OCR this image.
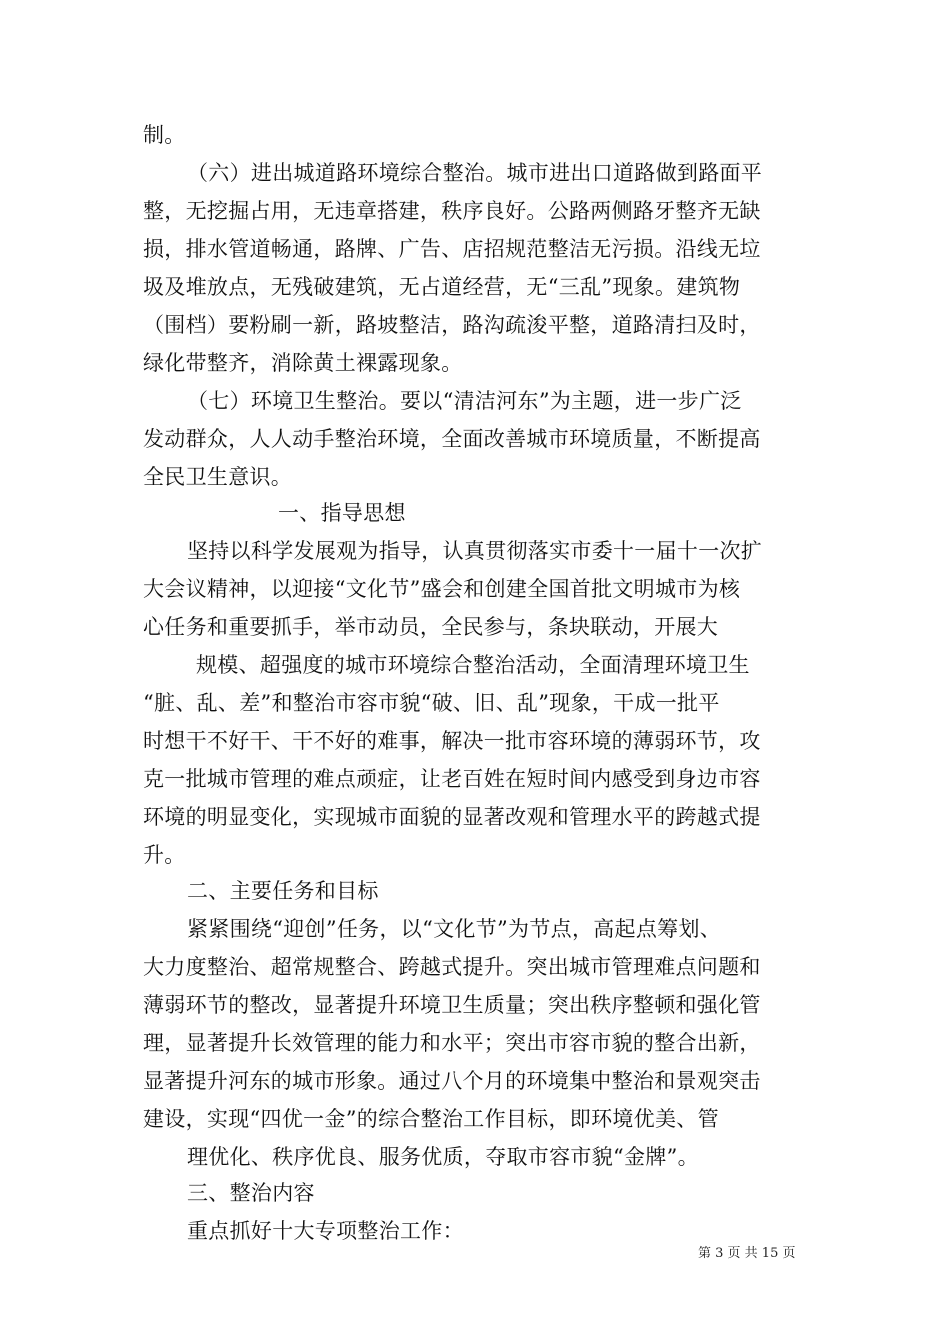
制。
（六）进出城道路环境综合整治。城市进出口道路做到路面平
整，无挖掘占用，无违章搭建，秩序良好。公路两侧路牙整齐无缺
损，排水管道畅通，路牌、广告、店招规范整洁无污损。沿线无垃
圾及堆放点，无残破建筑，无占道经营，无“三乱”现象。建筑物
（围档）要粉刷一新，路坡整洁，路沟疏浚平整，道路清扫及时，
绿化带整齐，消除黄土裸露现象。
（七）环境卫生整治。要以“清洁河东”为主题，进一步广泛
发动群众，人人动手整治环境，全面改善城市环境质量，不断提高
全民卫生意识。
一、指导思想
坚持以科学发展观为指导，认真贯彻落实市委十一届十一次扩
大会议精神，以迎接“文化节”盛会和创建全国首批文明城市为核
心任务和重要抓手，举市动员，全民参与，条块联动，开展大
规模、超强度的城市环境综合整治活动，全面清理环境卫生
“脏、乱、差”和整治市容市貌“破、旧、乱”现象，干成一批平
时想干不好干、干不好的难事，解决一批市容环境的薄弱环节，攻
克一批城市管理的难点顽症，让老百姓在短时间内感受到身边市容
环境的明显变化，实现城市面貌的显著改观和管理水平的跨越式提
升。
二、主要任务和目标
紧紧围绕“迎创”任务，以“文化节”为节点，高起点筹划、
大力度整治、超常规整合、跨越式提升。突出城市管理难点问题和
薄弱环节的整改，显著提升环境卫生质量；突出秩序整顿和强化管
理，显著提升长效管理的能力和水平；突出市容市貌的整合出新，
显著提升河东的城市形象。通过八个月的环境集中整治和景观突击
建设，实现“四优一金”的综合整治工作目标，即环境优美、管
理优化、秩序优良、服务优质，夺取市容市貌“金牌”。
三、整治内容
重点抓好十大专项整治工作：
第 3 页 共 15 页
